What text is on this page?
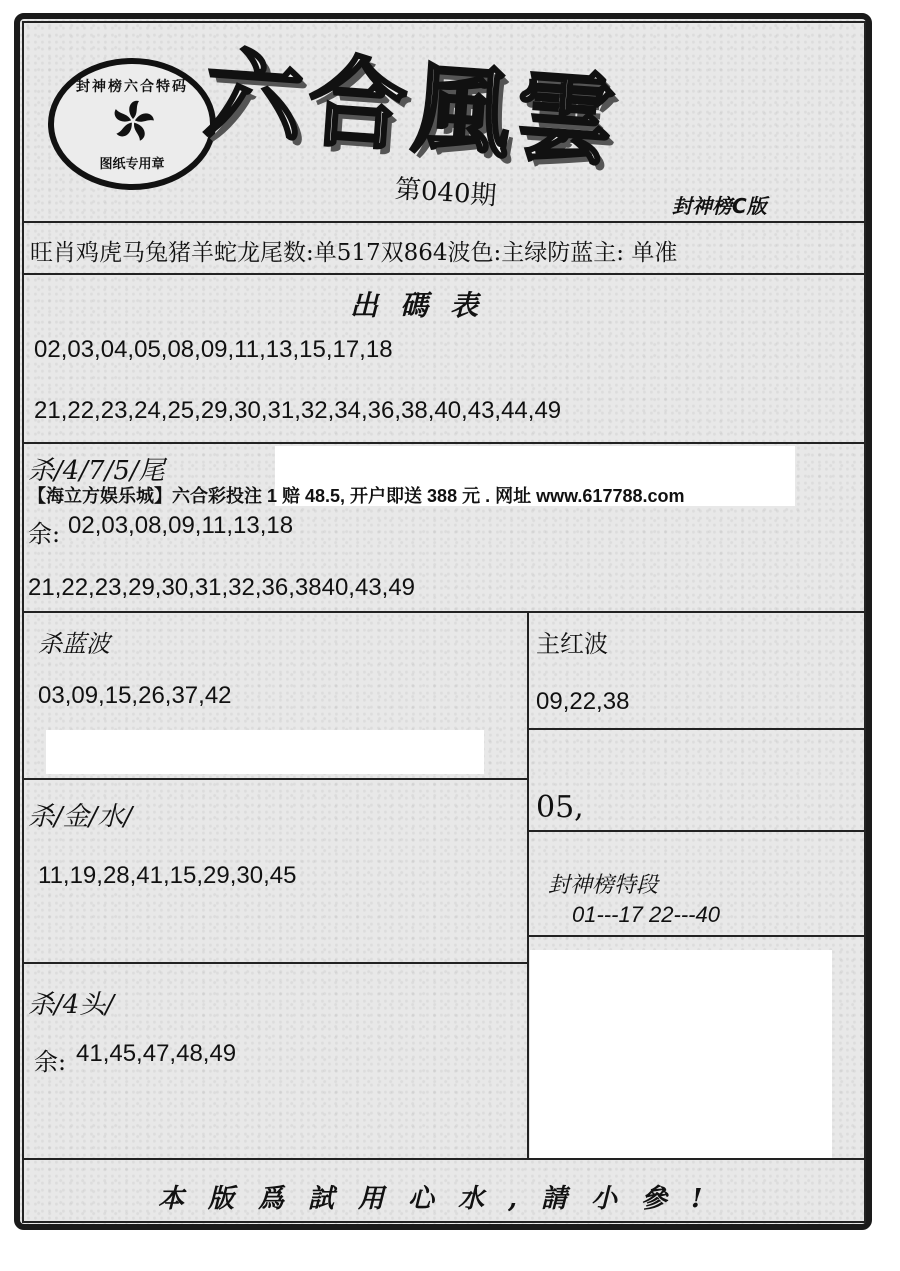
封神榜六合特码
图纸专用章 六合風雲
第040期	封神榜C版
旺肖鸡虎马兔猪羊蛇龙尾数:单517双864波色:主绿防蓝主: 单准
出碼表
02,03,04,05,08,09,11,13,15,17,18
21,22,23,24,25,29,30,31,32,34,36,38,40,43,44,49
杀/4/7/5/尾
【海立方娱乐城】六合彩投注 1 赔 48.5, 开户即送 388 元 . 网址 www.617788.com
余: 02,03,08,09,11,13,18
21,22,23,29,30,31,32,36,3840,43,49
杀蓝波
03,09,15,26,37,42
主红波
09,22,38
05,
杀/金/水/
11,19,28,41,15,29,30,45	封神榜特段
01---17 22---40
杀/4头/
余: 41,45,47,48,49
本版爲試用心水,請小參!
